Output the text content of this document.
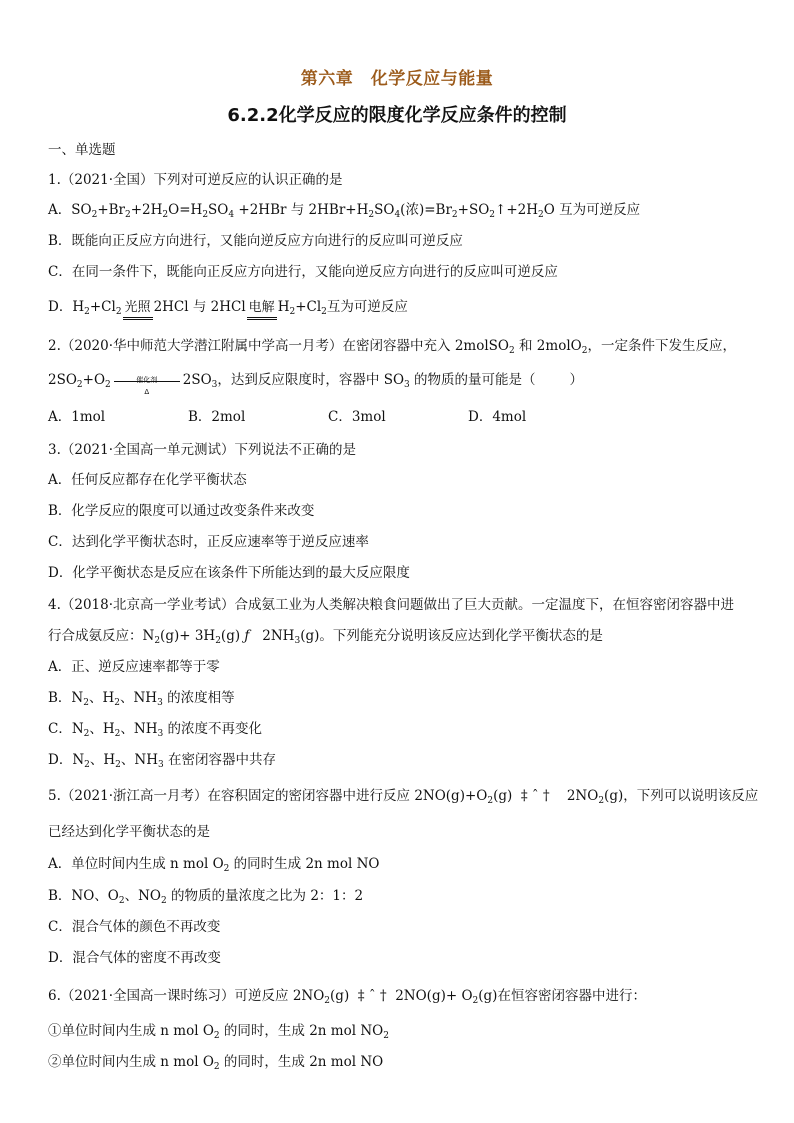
第六章　化学反应与能量
6.2.2化学反应的限度化学反应条件的控制
一、单选题
1.（2021·全国）下列对可逆反应的认识正确的是
A．$SO_2+Br_2+2H_2O=H_2SO_4 +2HBr$ 与 $2HBr+H_2SO_4$(浓)$=Br_2+SO_2↑+2H_2O$ 互为可逆反应
B．既能向正反应方向进行，又能向逆反应方向进行的反应叫可逆反应
C．在同一条件下，既能向正反应方向进行，又能向逆反应方向进行的反应叫可逆反应
D．$H_2+Cl_2$ 光照 2HCl 与 2HCl 电解 $H_2+Cl_2$互为可逆反应
2.（2020·华中师范大学潜江附属中学高一月考）在密闭容器中充入 2molSO$_2$ 和 2molO$_2$，一定条件下发生反应，
$2SO_2+O_2$
催化剂
Δ
$2SO_3$，达到反应限度时，容器中 $SO_3$ 的物质的量可能是（	）
A．1mol	B．2mol	C．3mol	D．4mol
3.（2021·全国高一单元测试）下列说法不正确的是
A．任何反应都存在化学平衡状态
B．化学反应的限度可以通过改变条件来改变
C．达到化学平衡状态时，正反应速率等于逆反应速率
D．化学平衡状态是反应在该条件下所能达到的最大反应限度
4.（2018·北京高一学业考试）合成氨工业为人类解决粮食问题做出了巨大贡献。一定温度下，在恒容密闭容器中进
行合成氨反应：$N_2(g)+ 3H_2(g)$ ƒ   $2NH_3(g)$。下列能充分说明该反应达到化学平衡状态的是
A．正、逆反应速率都等于零
B．$N_2$、$H_2$、$NH_3$ 的浓度相等
C．$N_2$、$H_2$、$NH_3$ 的浓度不再变化
D．$N_2$、$H_2$、$NH_3$ 在密闭容器中共存
5.（2021·浙江高一月考）在容积固定的密闭容器中进行反应 $2NO(g)+O_2(g)$  ‡ ˆ †    $2NO_2(g)$，下列可以说明该反应
已经达到化学平衡状态的是
A．单位时间内生成 n mol $O_2$ 的同时生成 2n mol NO
B．NO、$O_2$、$NO_2$ 的物质的量浓度之比为 2：1：2
C．混合气体的颜色不再改变
D．混合气体的密度不再改变
6.（2021·全国高一课时练习）可逆反应 $2NO_2(g)$  ‡ ˆ †  $2NO(g)+ O_2(g)$在恒容密闭容器中进行：
①单位时间内生成 n mol $O_2$ 的同时，生成 2n mol $NO_2$
②单位时间内生成 n mol $O_2$ 的同时，生成 2n mol NO
